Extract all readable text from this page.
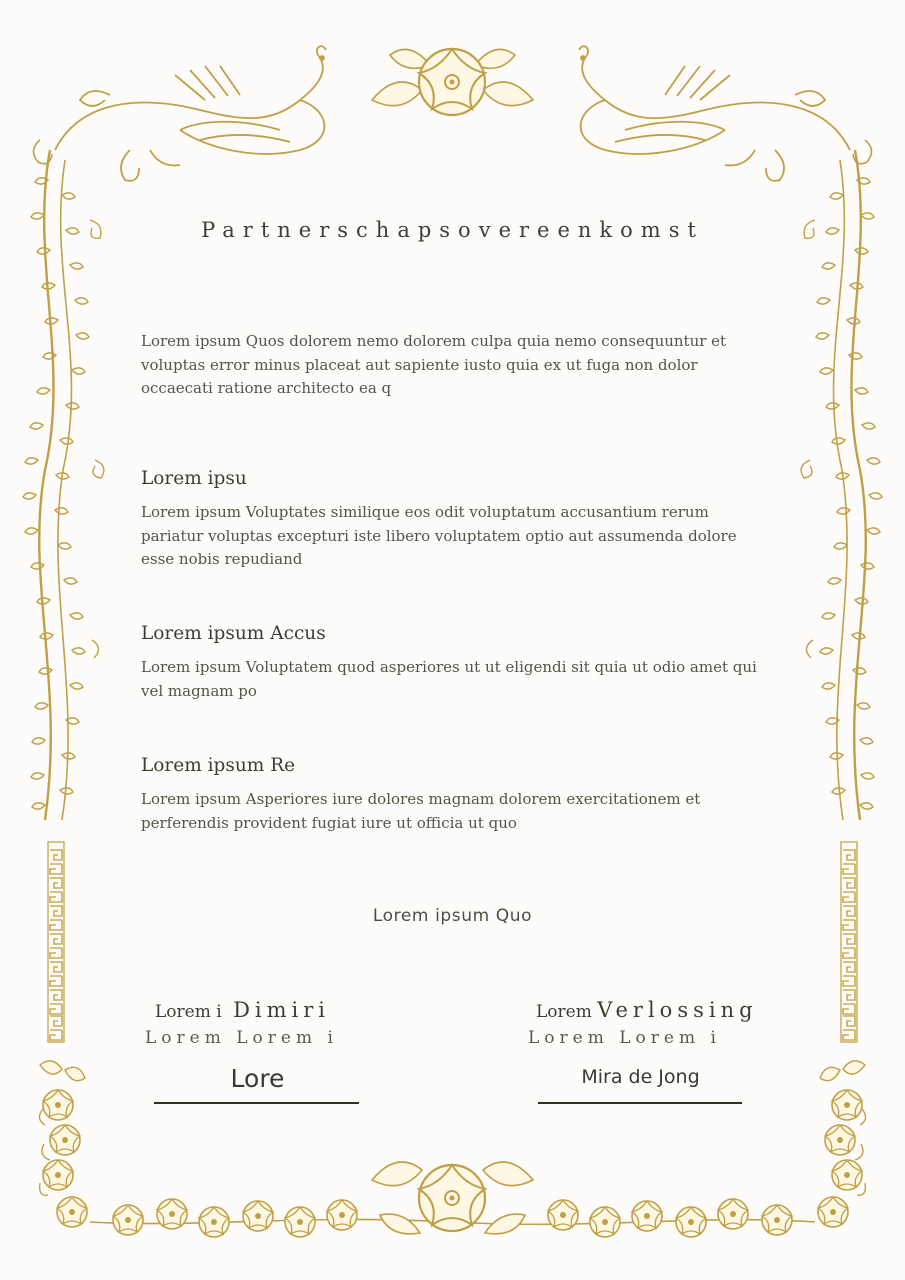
Partnerschapsovereenkomst
Lorem ipsum Quos dolorem nemo dolorem culpa quia nemo consequuntur et voluptas error minus placeat aut sapiente iusto quia ex ut fuga non dolor occaecati ratione architecto ea q
Lorem ipsu

Lorem ipsum Voluptates similique eos odit voluptatum accusantium rerum pariatur voluptas excepturi iste libero voluptatem optio aut assumenda dolore esse nobis repudiand

Lorem ipsum Accus

Lorem ipsum Voluptatem quod asperiores ut ut eligendi sit quia ut odio amet qui vel magnam po

Lorem ipsum Re

Lorem ipsum Asperiores iure dolores magnam dolorem exercitationem et perferendis provident fugiat iure ut officia ut quo

Lorem ipsum Quo
Lorem i Dimiri
Lorem Lorem i
Lore
Lorem Verlossing
Lorem Lorem i
Mira de Jong
